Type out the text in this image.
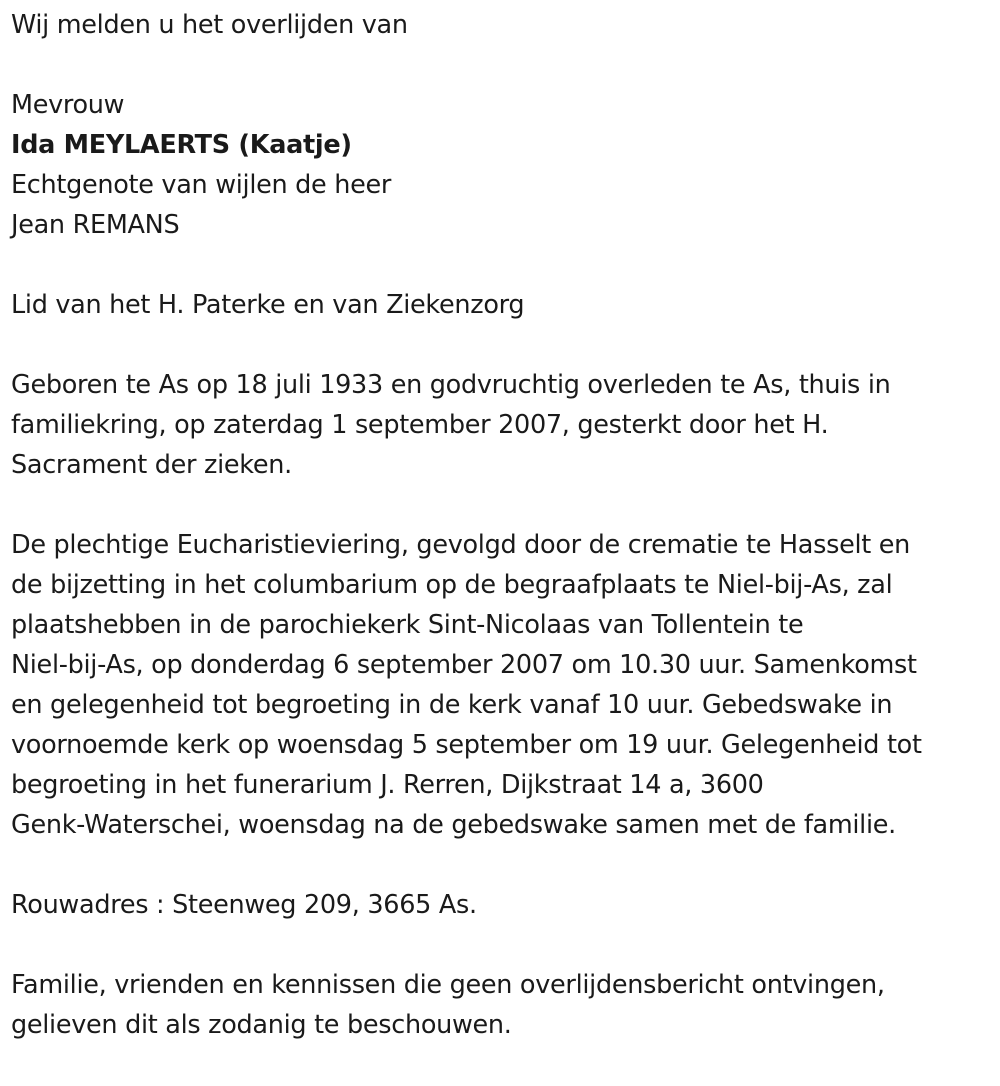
Wij melden u het overlijden van
Mevrouw
Ida MEYLAERTS (Kaatje)
Echtgenote van wijlen de heer
Jean REMANS
Lid van het H. Paterke en van Ziekenzorg
Geboren te As op 18 juli 1933 en godvruchtig overleden te As, thuis in
familiekring, op zaterdag 1 september 2007, gesterkt door het H.
Sacrament der zieken.
De plechtige Eucharistieviering, gevolgd door de crematie te Hasselt en
de bijzetting in het columbarium op de begraafplaats te Niel-bij-As, zal
plaatshebben in de parochiekerk Sint-Nicolaas van Tollentein te
Niel-bij-As, op donderdag 6 september 2007 om 10.30 uur. Samenkomst
en gelegenheid tot begroeting in de kerk vanaf 10 uur. Gebedswake in
voornoemde kerk op woensdag 5 september om 19 uur. Gelegenheid tot
begroeting in het funerarium J. Rerren, Dijkstraat 14 a, 3600
Genk-Waterschei, woensdag na de gebedswake samen met de familie.
Rouwadres : Steenweg 209, 3665 As.
Familie, vrienden en kennissen die geen overlijdensbericht ontvingen,
gelieven dit als zodanig te beschouwen.
